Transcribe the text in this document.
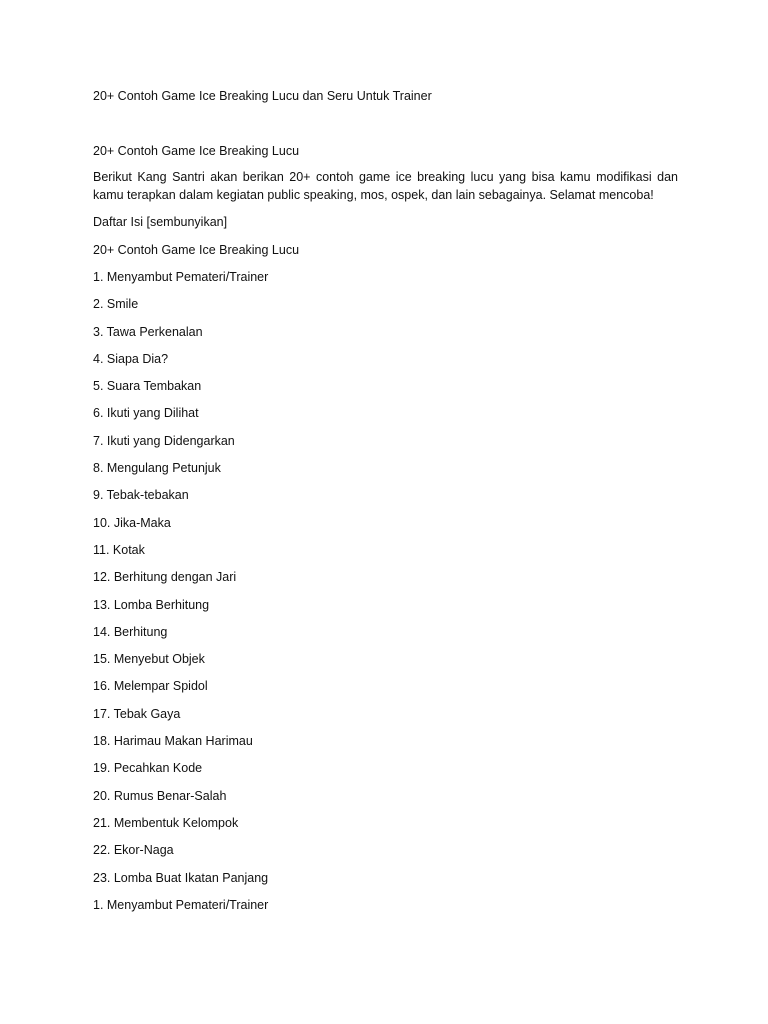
20+ Contoh Game Ice Breaking Lucu dan Seru Untuk Trainer

20+ Contoh Game Ice Breaking Lucu

Berikut Kang Santri akan berikan 20+ contoh game ice breaking lucu yang bisa kamu modifikasi dan kamu terapkan dalam kegiatan public speaking, mos, ospek, dan lain sebagainya. Selamat mencoba!

Daftar Isi [sembunyikan]

20+ Contoh Game Ice Breaking Lucu

1. Menyambut Pemateri/Trainer
2. Smile
3. Tawa Perkenalan
4. Siapa Dia?
5. Suara Tembakan
6. Ikuti yang Dilihat
7. Ikuti yang Didengarkan
8. Mengulang Petunjuk
9. Tebak-tebakan
10. Jika-Maka
11. Kotak
12. Berhitung dengan Jari
13. Lomba Berhitung
14. Berhitung
15. Menyebut Objek
16. Melempar Spidol
17. Tebak Gaya
18. Harimau Makan Harimau
19. Pecahkan Kode
20. Rumus Benar-Salah
21. Membentuk Kelompok
22. Ekor-Naga
23. Lomba Buat Ikatan Panjang
1. Menyambut Pemateri/Trainer
